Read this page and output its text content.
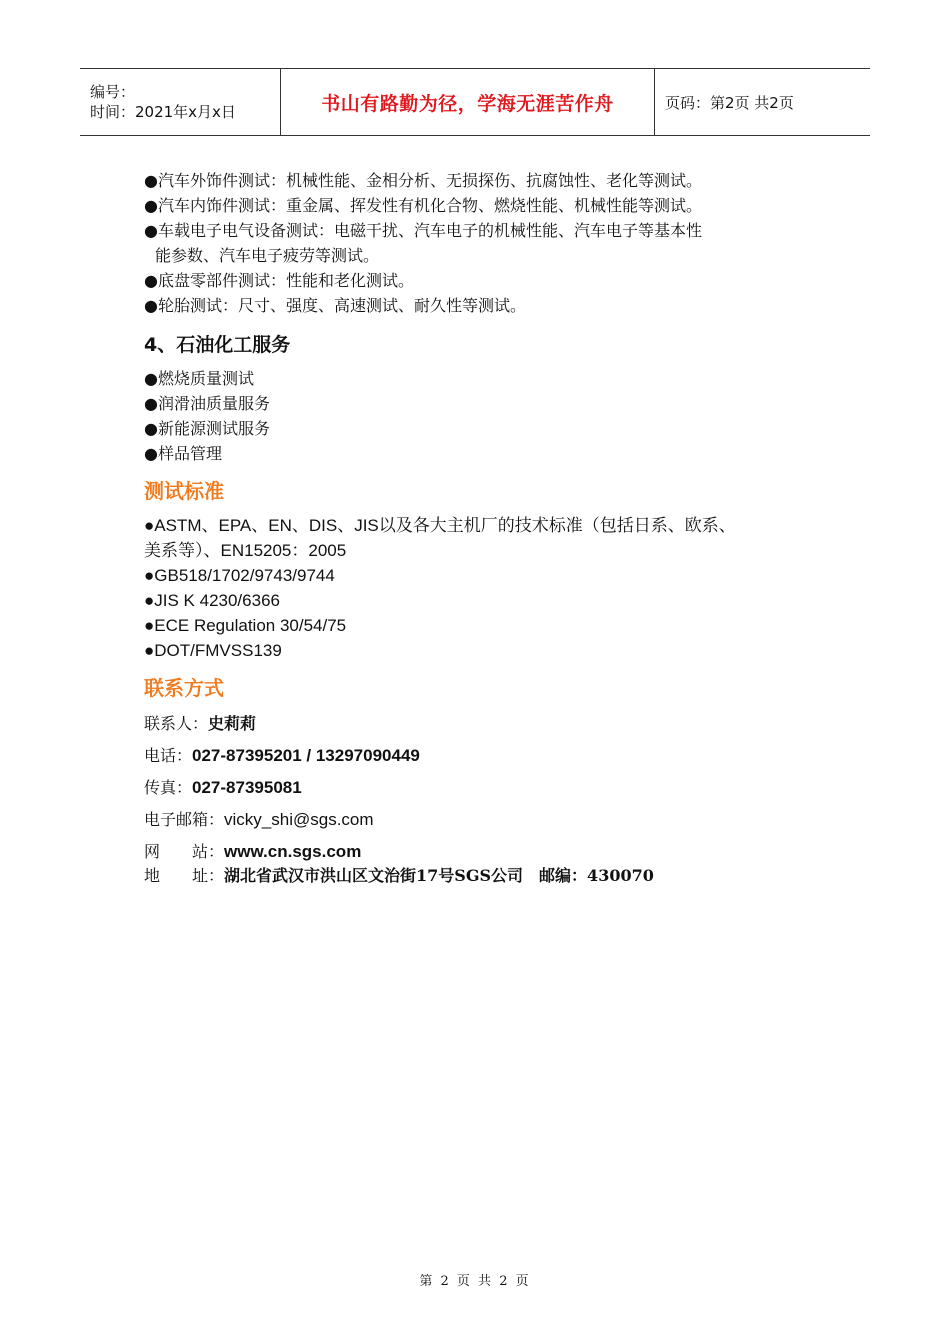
编号：
时间：2021年x月x日	书山有路勤为径，学海无涯苦作舟	页码：第2页 共2页
●汽车外饰件测试：机械性能、金相分析、无损探伤、抗腐蚀性、老化等测试。
●汽车内饰件测试：重金属、挥发性有机化合物、燃烧性能、机械性能等测试。
●车载电子电气设备测试：电磁干扰、汽车电子的机械性能、汽车电子等基本性
能参数、汽车电子疲劳等测试。
●底盘零部件测试：性能和老化测试。
●轮胎测试：尺寸、强度、高速测试、耐久性等测试。
4、石油化工服务
●燃烧质量测试
●润滑油质量服务
●新能源测试服务
●样品管理
测试标准
●ASTM、EPA、EN、DIS、JIS以及各大主机厂的技术标准（包括日系、欧系、
美系等）、EN15205：2005
●GB518/1702/9743/9744
●JIS K 4230/6366
●ECE Regulation 30/54/75
●DOT/FMVSS139
联系方式
联系人：史莉莉
电话：027-87395201 / 13297090449
传真：027-87395081
电子邮箱：vicky_shi@sgs.com
网　　站：www.cn.sgs.com
地　　址：湖北省武汉市洪山区文治街17号SGS公司　邮编：430070
第 2 页 共 2 页
